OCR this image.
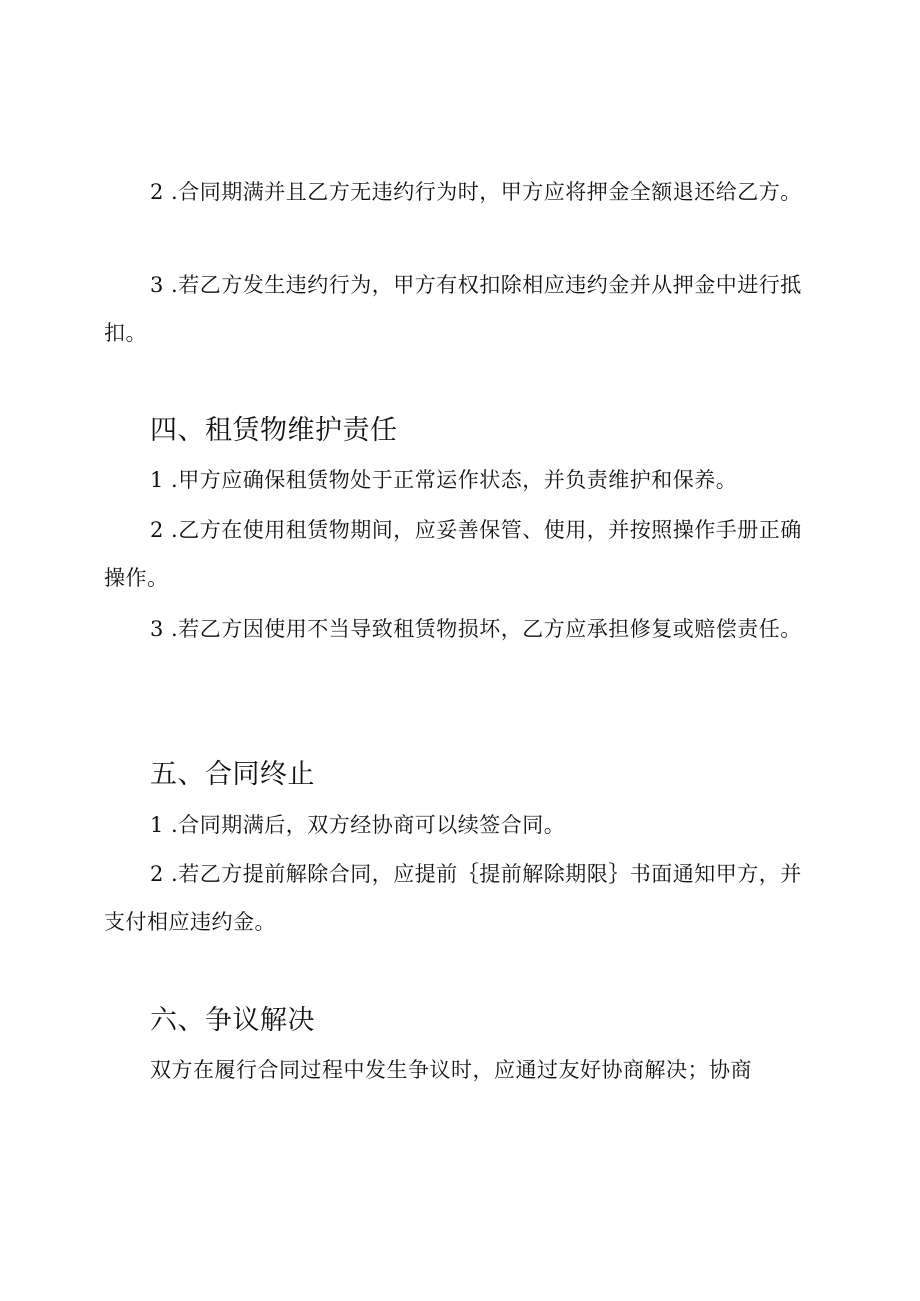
2 .合同期满并且乙方无违约行为时，甲方应将押金全额退还给乙方。

3 .若乙方发生违约行为，甲方有权扣除相应违约金并从押金中进行抵扣。

四、租赁物维护责任

1 .甲方应确保租赁物处于正常运作状态，并负责维护和保养。

2 .乙方在使用租赁物期间，应妥善保管、使用，并按照操作手册正确操作。

3 .若乙方因使用不当导致租赁物损坏，乙方应承担修复或赔偿责任。

五、合同终止

1 .合同期满后，双方经协商可以续签合同。

2 .若乙方提前解除合同，应提前｛提前解除期限｝书面通知甲方，并支付相应违约金。

六、争议解决

双方在履行合同过程中发生争议时，应通过友好协商解决；协商
